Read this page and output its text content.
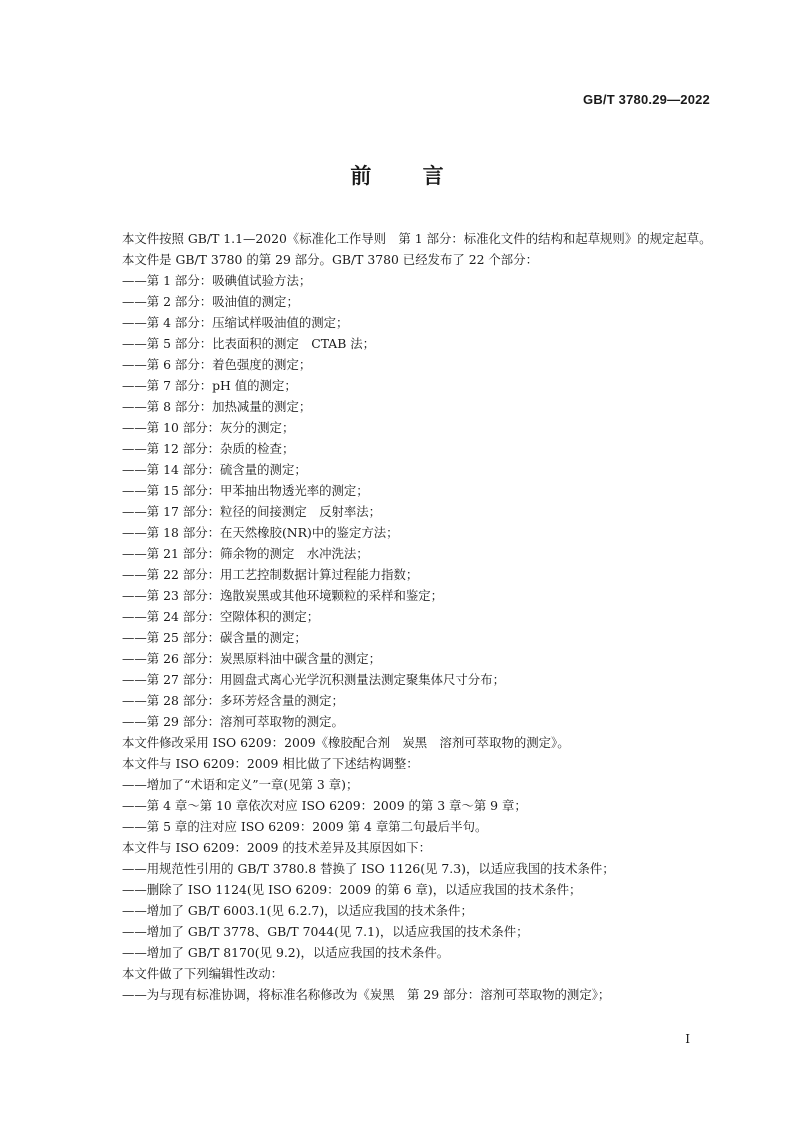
GB/T 3780.29—2022
前 言

本文件按照 GB/T 1.1—2020《标准化工作导则　第 1 部分：标准化文件的结构和起草规则》的规定起草。

本文件是 GB/T 3780 的第 29 部分。GB/T 3780 已经发布了 22 个部分：

——第 1 部分：吸碘值试验方法；

——第 2 部分：吸油值的测定；

——第 4 部分：压缩试样吸油值的测定；

——第 5 部分：比表面积的测定　CTAB 法；

——第 6 部分：着色强度的测定；

——第 7 部分：pH 值的测定；

——第 8 部分：加热减量的测定；

——第 10 部分：灰分的测定；

——第 12 部分：杂质的检查；

——第 14 部分：硫含量的测定；

——第 15 部分：甲苯抽出物透光率的测定；

——第 17 部分：粒径的间接测定　反射率法；

——第 18 部分：在天然橡胶(NR)中的鉴定方法；

——第 21 部分：筛余物的测定　水冲洗法；

——第 22 部分：用工艺控制数据计算过程能力指数；

——第 23 部分：逸散炭黑或其他环境颗粒的采样和鉴定；

——第 24 部分：空隙体积的测定；

——第 25 部分：碳含量的测定；

——第 26 部分：炭黑原料油中碳含量的测定；

——第 27 部分：用圆盘式离心光学沉积测量法测定聚集体尺寸分布；

——第 28 部分：多环芳烃含量的测定；

——第 29 部分：溶剂可萃取物的测定。

本文件修改采用 ISO 6209：2009《橡胶配合剂　炭黑　溶剂可萃取物的测定》。

本文件与 ISO 6209：2009 相比做了下述结构调整：

——增加了“术语和定义”一章(见第 3 章)；

——第 4 章～第 10 章依次对应 ISO 6209：2009 的第 3 章～第 9 章；

——第 5 章的注对应 ISO 6209：2009 第 4 章第二句最后半句。

本文件与 ISO 6209：2009 的技术差异及其原因如下：

——用规范性引用的 GB/T 3780.8 替换了 ISO 1126(见 7.3)，以适应我国的技术条件；

——删除了 ISO 1124(见 ISO 6209：2009 的第 6 章)，以适应我国的技术条件；

——增加了 GB/T 6003.1(见 6.2.7)，以适应我国的技术条件；

——增加了 GB/T 3778、GB/T 7044(见 7.1)，以适应我国的技术条件；

——增加了 GB/T 8170(见 9.2)，以适应我国的技术条件。

本文件做了下列编辑性改动：

——为与现有标准协调，将标准名称修改为《炭黑　第 29 部分：溶剂可萃取物的测定》；

I
